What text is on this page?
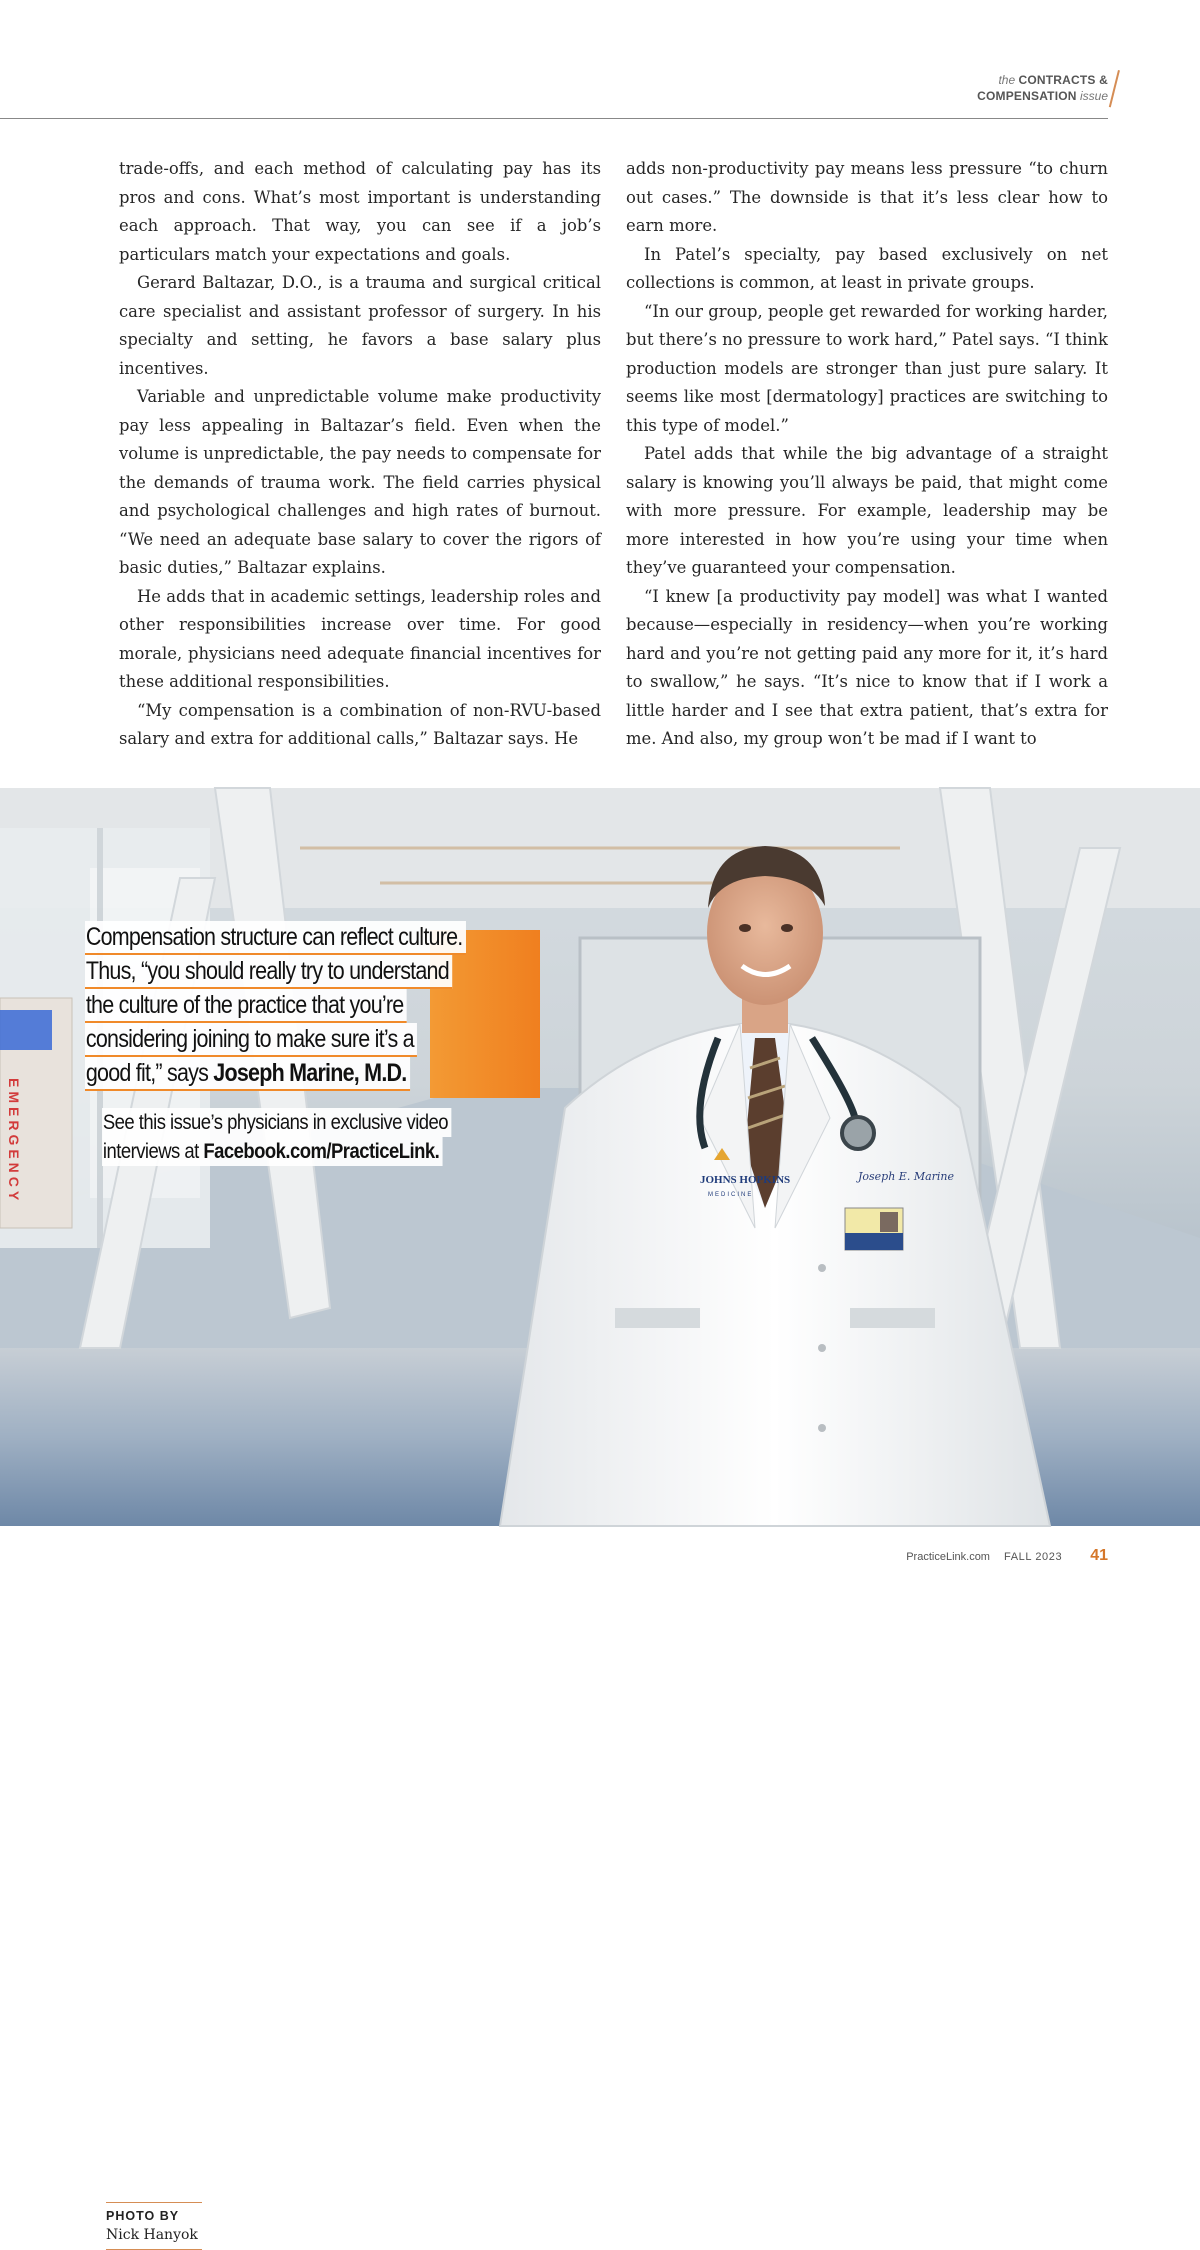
the CONTRACTS &
COMPENSATION issue

trade-offs, and each method of calculating pay has its pros and cons. What’s most important is understanding each approach. That way, you can see if a job’s particulars match your expectations and goals.

Gerard Baltazar, D.O., is a trauma and surgical critical care specialist and assistant professor of surgery. In his specialty and setting, he favors a base salary plus incentives.

Variable and unpredictable volume make productivity pay less appealing in Baltazar’s field. Even when the volume is unpredictable, the pay needs to compensate for the demands of trauma work. The field carries physical and psychological challenges and high rates of burnout. “We need an adequate base salary to cover the rigors of basic duties,” Baltazar explains.

He adds that in academic settings, leadership roles and other responsibilities increase over time. For good morale, physicians need adequate financial incentives for these additional responsibilities.

“My compensation is a combination of non-RVU-based salary and extra for additional calls,” Baltazar says. He

adds non-productivity pay means less pressure “to churn out cases.” The downside is that it’s less clear how to earn more.

In Patel’s specialty, pay based exclusively on net collections is common, at least in private groups.

“In our group, people get rewarded for working harder, but there’s no pressure to work hard,” Patel says. “I think production models are stronger than just pure salary. It seems like most [dermatology] practices are switching to this type of model.”

Patel adds that while the big advantage of a straight salary is knowing you’ll always be paid, that might come with more pressure. For example, leadership may be more interested in how you’re using your time when they’ve guaranteed your compensation.

“I knew [a productivity pay model] was what I wanted because—especially in residency—when you’re working hard and you’re not getting paid any more for it, it’s hard to swallow,” he says. “It’s nice to know that if I work a little harder and I see that extra patient, that’s extra for me. And also, my group won’t be mad if I want to

EMERGENCY	JOHNS HOPKINS
MEDICINE
Joseph E. Marine
PHOTO BY
Nick Hanyok
Compensation structure can reflect culture.
Thus, “you should really try to understand
the culture of the practice that you’re
considering joining to make sure it’s a
good fit,” says Joseph Marine, M.D.
See this issue’s physicians in exclusive video
interviews at Facebook.com/PracticeLink.
PracticeLink.com FALL 2023 41
